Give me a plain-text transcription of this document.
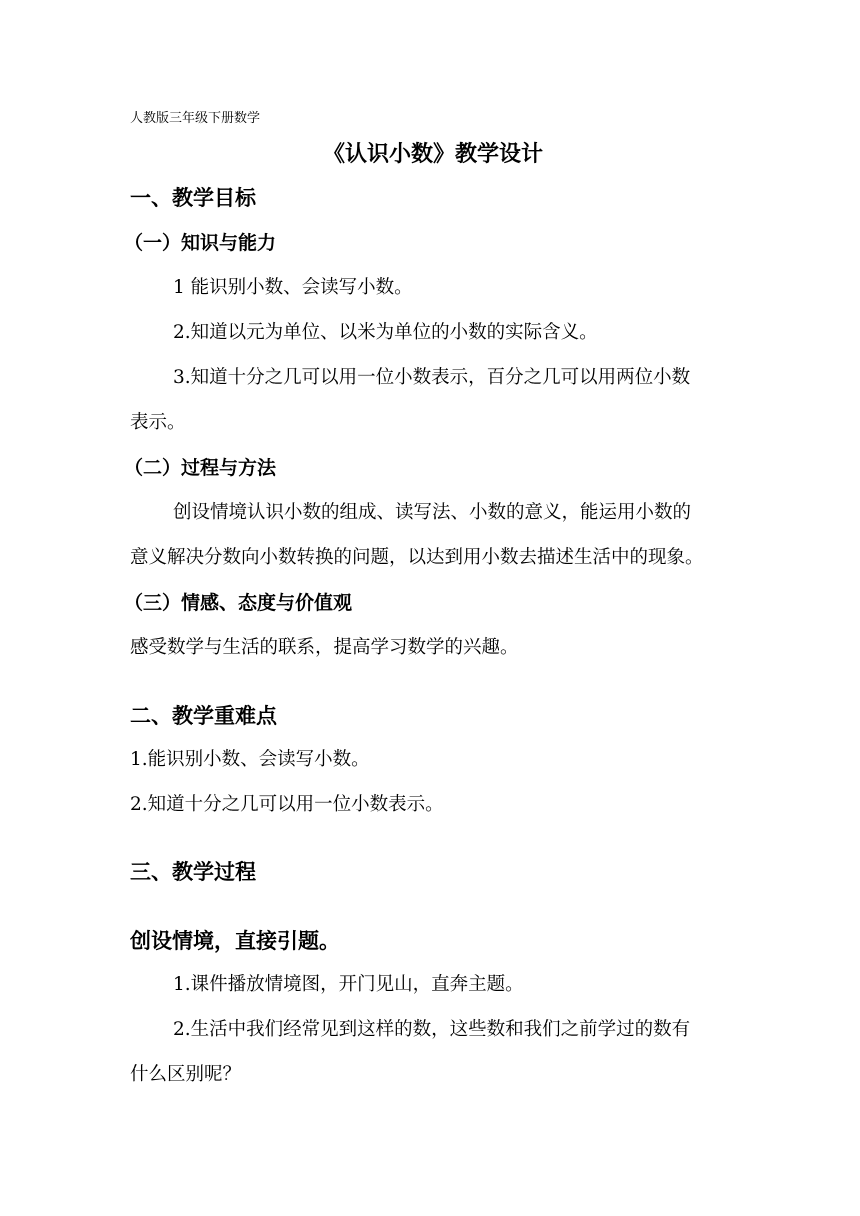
人教版三年级下册数学

《认识小数》教学设计

一、教学目标

（一）知识与能力

1 能识别小数、会读写小数。

2.知道以元为单位、以米为单位的小数的实际含义。

3.知道十分之几可以用一位小数表示，百分之几可以用两位小数

表示。

（二）过程与方法

创设情境认识小数的组成、读写法、小数的意义，能运用小数的

意义解决分数向小数转换的问题，以达到用小数去描述生活中的现象。

（三）情感、态度与价值观

感受数学与生活的联系，提高学习数学的兴趣。

二、教学重难点

1.能识别小数、会读写小数。

2.知道十分之几可以用一位小数表示。

三、教学过程

创设情境，直接引题。

1.课件播放情境图，开门见山，直奔主题。

2.生活中我们经常见到这样的数，这些数和我们之前学过的数有

什么区别呢？
